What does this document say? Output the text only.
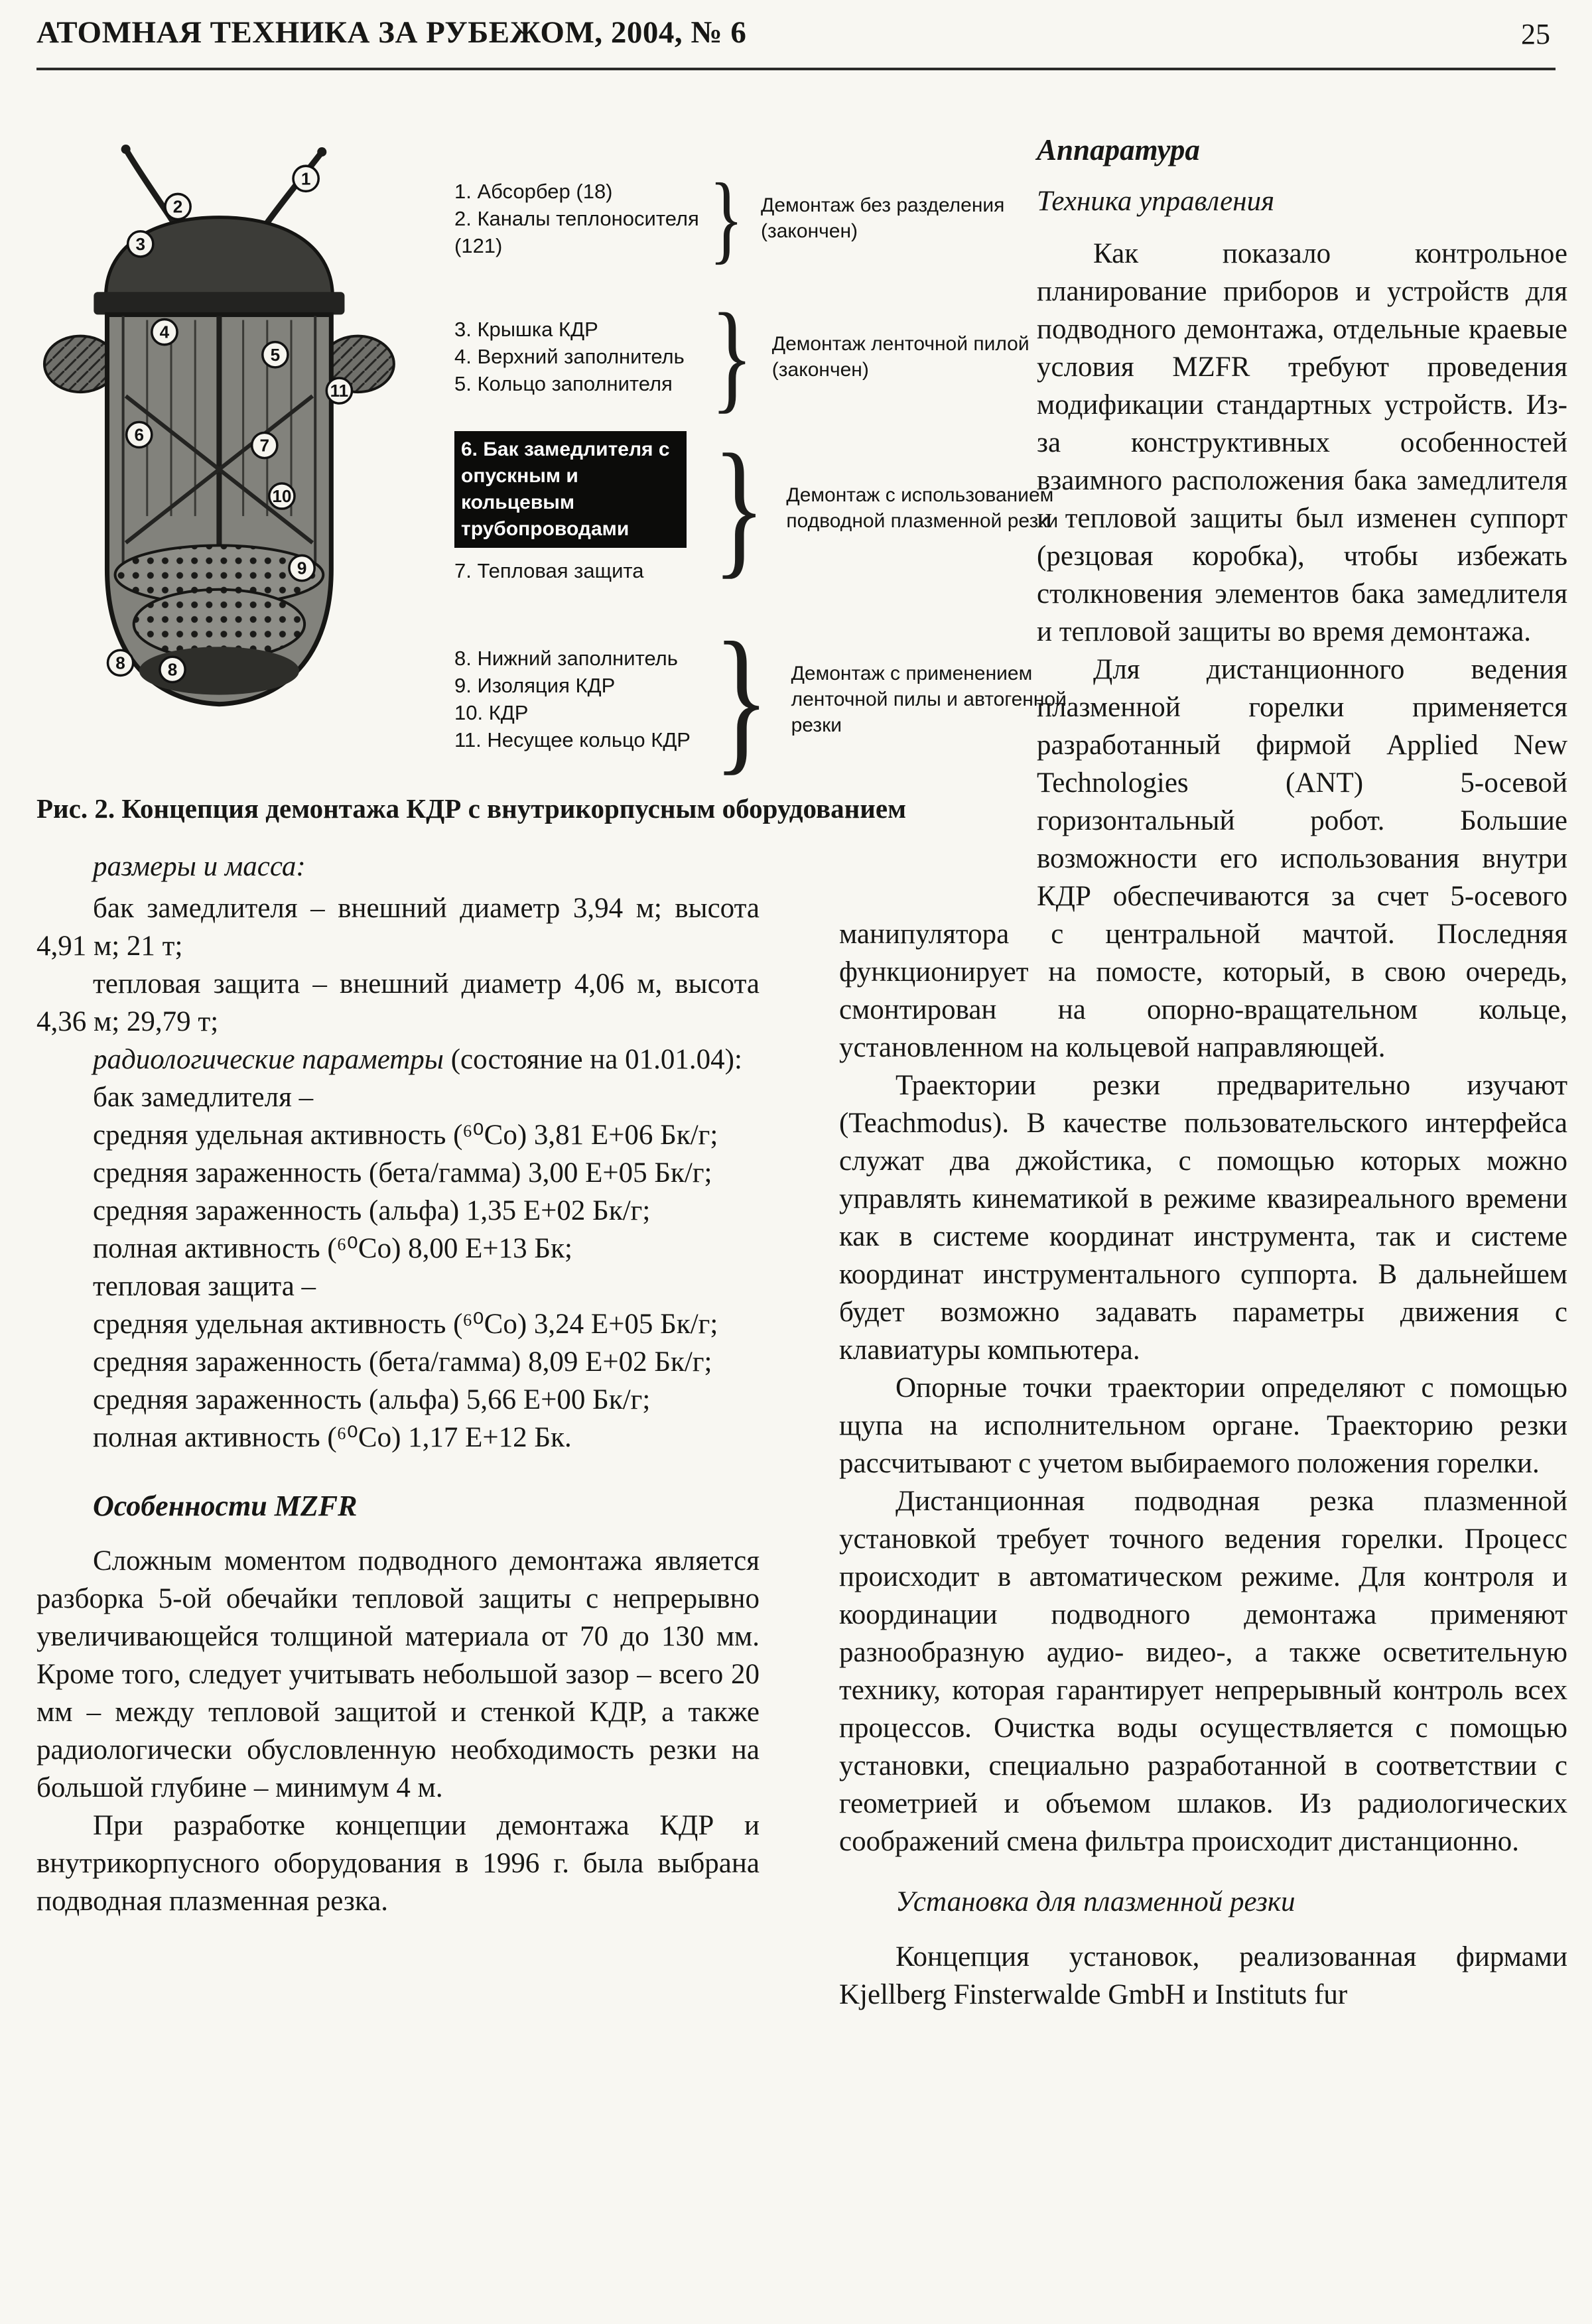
АТОМНАЯ ТЕХНИКА ЗА РУБЕЖОМ, 2004, № 6	25
1
2
3
4
5
11
6
7
10
9
8 8

1. Абсорбер (18)

2. Каналы теплоносителя (121)	} Демонтаж без разделения (закончен)

3. Крышка КДР

4. Верхний заполнитель

5. Кольцо заполнителя } Демонтаж ленточной пилой (закончен)
6. Бак замедлителя с опускным и кольцевым трубопроводами

7. Тепловая защита } Демонтаж с использованием подводной плазменной резки

8. Нижний заполнитель

9. Изоляция КДР

10. КДР

11. Несущее кольцо КДР } Демонтаж с применением ленточной пилы и автогенной резки
Рис. 2. Концепция демонтажа КДР с внутрикорпусным оборудованием

размеры и масса:

бак замедлителя – внешний диаметр 3,94 м; высота 4,91 м; 21 т;

тепловая защита – внешний диаметр 4,06 м, высота 4,36 м; 29,79 т;

радиологические параметры (состояние на 01.01.04):

бак замедлителя –

средняя удельная активность (⁶⁰Co) 3,81 Е+06 Бк/г;

средняя зараженность (бета/гамма) 3,00 Е+05 Бк/г;

средняя зараженность (альфа) 1,35 Е+02 Бк/г;

полная активность (⁶⁰Co) 8,00 Е+13 Бк;

тепловая защита –

средняя удельная активность (⁶⁰Co) 3,24 Е+05 Бк/г;

средняя зараженность (бета/гамма) 8,09 Е+02 Бк/г;

средняя зараженность (альфа) 5,66 Е+00 Бк/г;

полная активность (⁶⁰Co) 1,17 Е+12 Бк.

Особенности MZFR

Сложным моментом подводного демонтажа является разборка 5-ой обечайки тепловой защиты с непрерывно увеличивающейся толщиной материала от 70 до 130 мм. Кроме того, следует учитывать небольшой зазор – всего 20 мм – между тепловой защитой и стенкой КДР, а также радиологически обусловленную необходимость резки на большой глубине – минимум 4 м.

При разработке концепции демонтажа КДР и внутрикорпусного оборудования в 1996 г. была выбрана подводная плазменная резка.

Аппаратура

Техника управления

Как показало контрольное планирование приборов и устройств для подводного демонтажа, отдельные краевые условия MZFR требуют проведения модификации стандартных устройств. Из-за конструктивных особенностей взаимного расположения бака замедлителя и тепловой защиты был изменен суппорт (резцовая коробка), чтобы избежать столкновения элементов бака замедлителя и тепловой защиты во время демонтажа.

Для дистанционного ведения плазменной горелки применяется разработанный фирмой Applied New Technologies (ANT) 5-осевой горизонтальный робот. Большие возможности его использования внутри КДР обеспечиваются за счет 5-осевого манипулятора с центральной мачтой. Последняя функционирует на помосте, который, в свою очередь, смонтирован на опорно-вращательном кольце, установленном на кольцевой направляющей.

Траектории резки предварительно изучают (Teachmodus). В качестве пользовательского интерфейса служат два джойстика, с помощью которых можно управлять кинематикой в режиме квазиреального времени как в системе координат инструмента, так и системе координат инструментального суппорта. В дальнейшем будет возможно задавать параметры движения с клавиатуры компьютера.

Опорные точки траектории определяют с помощью щупа на исполнительном органе. Траекторию резки рассчитывают с учетом выбираемого положения горелки.

Дистанционная подводная резка плазменной установкой требует точного ведения горелки. Процесс происходит в автоматическом режиме. Для контроля и координации подводного демонтажа применяют разнообразную аудио- видео-, а также осветительную технику, которая гарантирует непрерывный контроль всех процессов. Очистка воды осуществляется с помощью установки, специально разработанной в соответствии с геометрией и объемом шлаков. Из радиологических соображений смена фильтра происходит дистанционно.

Установка для плазменной резки

Концепция установок, реализованная фирмами Kjellberg Finsterwalde GmbH и Instituts fur
